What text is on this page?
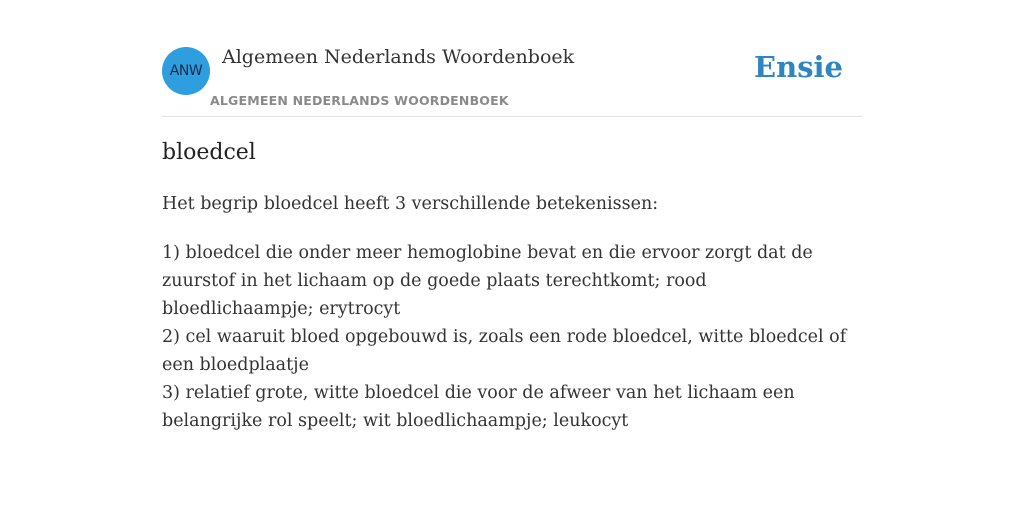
ANW
Algemeen Nederlands Woordenboek
ALGEMEEN NEDERLANDS WOORDENBOEK
Ensie
bloedcel
Het begrip bloedcel heeft 3 verschillende betekenissen:
1) bloedcel die onder meer hemoglobine bevat en die ervoor zorgt dat de zuurstof in het lichaam op de goede plaats terechtkomt; rood bloedlichaampje; erytrocyt
2) cel waaruit bloed opgebouwd is, zoals een rode bloedcel, witte bloedcel of een bloedplaatje
3) relatief grote, witte bloedcel die voor de afweer van het lichaam een belangrijke rol speelt; wit bloedlichaampje; leukocyt
